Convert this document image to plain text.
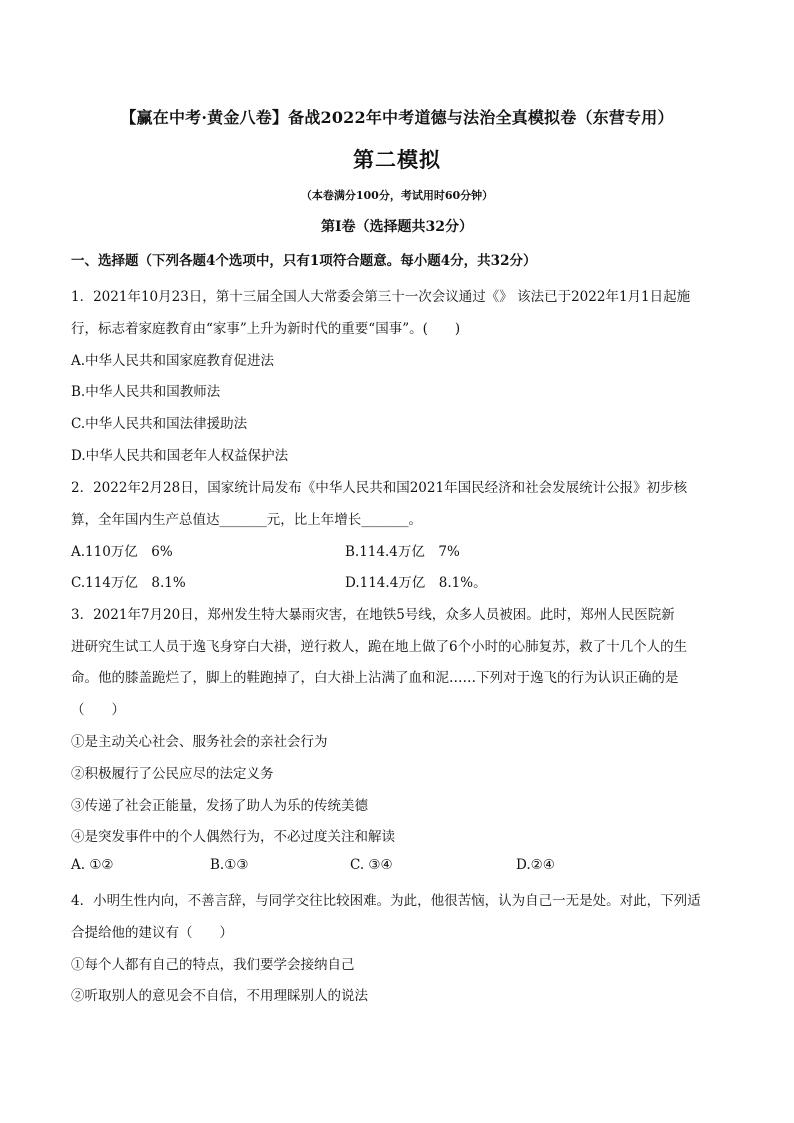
【赢在中考·黄金八卷】备战2022年中考道德与法治全真模拟卷（东营专用）
第二模拟
（本卷满分100分，考试用时60分钟）
第Ⅰ卷（选择题共32分）
一、选择题（下列各题4个选项中，只有1项符合题意。每小题4分，共32分）
1．2021年10月23日，第十三届全国人大常委会第三十一次会议通过《》 该法已于2022年1月1日起施
行，标志着家庭教育由“家事”上升为新时代的重要“国事”。(　　)
A.中华人民共和国家庭教育促进法
B.中华人民共和国教师法
C.中华人民共和国法律援助法
D.中华人民共和国老年人权益保护法
2．2022年2月28日，国家统计局发布《中华人民共和国2021年国民经济和社会发展统计公报》初步核
算，全年国内生产总值达_______元，比上年增长_______。
A.110万亿　6%	B.114.4万亿　7%
C.114万亿　8.1%	D.114.4万亿　8.1%。
3．2021年7月20日，郑州发生特大暴雨灾害，在地铁5号线，众多人员被困。此时，郑州人民医院新
进研究生试工人员于逸飞身穿白大褂，逆行救人，跪在地上做了6个小时的心肺复苏，救了十几个人的生
命。他的膝盖跪烂了，脚上的鞋跑掉了，白大褂上沾满了血和泥……下列对于逸飞的行为认识正确的是
（　　）
①是主动关心社会、服务社会的亲社会行为
②积极履行了公民应尽的法定义务
③传递了社会正能量，发扬了助人为乐的传统美德
④是突发事件中的个人偶然行为，不必过度关注和解读
A. ①②	B.①③	C. ③④	D.②④
4．小明生性内向，不善言辞，与同学交往比较困难。为此，他很苦恼，认为自己一无是处。对此，下列适
合提给他的建议有（　　）
①每个人都有自己的特点，我们要学会接纳自己
②听取别人的意见会不自信，不用理睬别人的说法
